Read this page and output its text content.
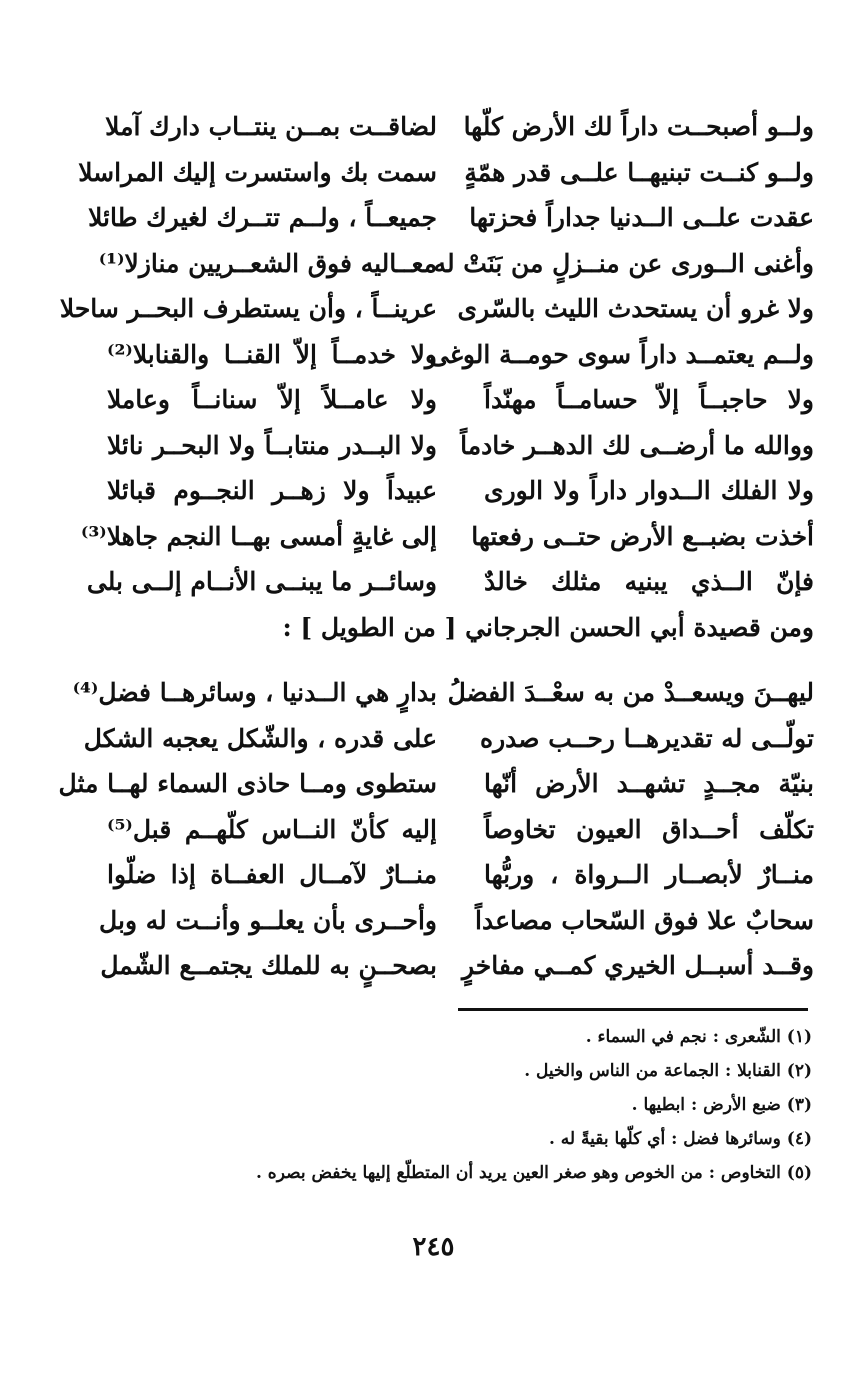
ولــو أصبحــت داراً لك الأرض كلّها
ولــو كنــت تبنيهــا علــى قدر همّةٍ
عقدت علــى الــدنيا جداراً فحزتها
وأغنى الــورى عن منــزلٍ من بَنَتْ له
ولا غرو أن يستحدث الليث بالسّرى
ولــم يعتمــد داراً سوى حومــة الوغى
ولا حاجبــاً إلاّ حسامــاً مهنّداً
ووالله ما أرضــى لك الدهــر خادماً
ولا الفلك الــدوار داراً ولا الورى
أخذت بضبــع الأرض حتــى رفعتها
فإنّ الــذي يبنيه مثلك خالدٌ
لضاقــت بمــن ينتــاب دارك آملا
سمت بك واستسرت إليك المراسلا
جميعــاً ، ولــم تتــرك لغيرك طائلا
معــاليه فوق الشعــريين منازلا⁽¹⁾
عرينــاً ، وأن يستطرف البحــر ساحلا
ولا خدمــاً إلاّ القنــا والقنابلا⁽²⁾
ولا عامــلاً إلاّ سنانــاً وعاملا
ولا البــدر منتابــاً ولا البحــر نائلا
عبيداً ولا زهــر النجــوم قبائلا
إلى غايةٍ أمسى بهــا النجم جاهلا⁽³⁾
وسائــر ما يبنــى الأنــام إلــى بلى
ومن قصيدة أبي الحسن الجرجاني [ من الطويل ] :
ليهــنَ ويسعــدْ من به سعْــدَ الفضلُ
تولّــى له تقديرهــا رحــب صدره
بنيّة مجــدٍ تشهــد الأرض أنّها
تكلّف أحــداق العيون تخاوصاً
منــارٌ لأبصــار الــرواة ، وربُّها
سحابٌ علا فوق السّحاب مصاعداً
وقــد أسبــل الخيري كمــي مفاخرٍ
بدارٍ هي الــدنيا ، وسائرهــا فضل⁽⁴⁾
على قدره ، والشّكل يعجبه الشكل
ستطوى ومــا حاذى السماء لهــا مثل
إليه كأنّ النــاس كلّهــم قبل⁽⁵⁾
منــارٌ لآمــال العفــاة إذا ضلّوا
وأحــرى بأن يعلــو وأنــت له وبل
بصحــنٍ به للملك يجتمــع الشّمل
(١) الشّعرى : نجم في السماء .
(٢) القنابلا : الجماعة من الناس والخيل .
(٣) ضبع الأرض : ابطيها .
(٤) وسائرها فضل : أي كلّها بقيةً له .
(٥) التخاوص : من الخوص وهو صغر العين يريد أن المتطلّع إليها يخفض بصره .
٢٤٥
